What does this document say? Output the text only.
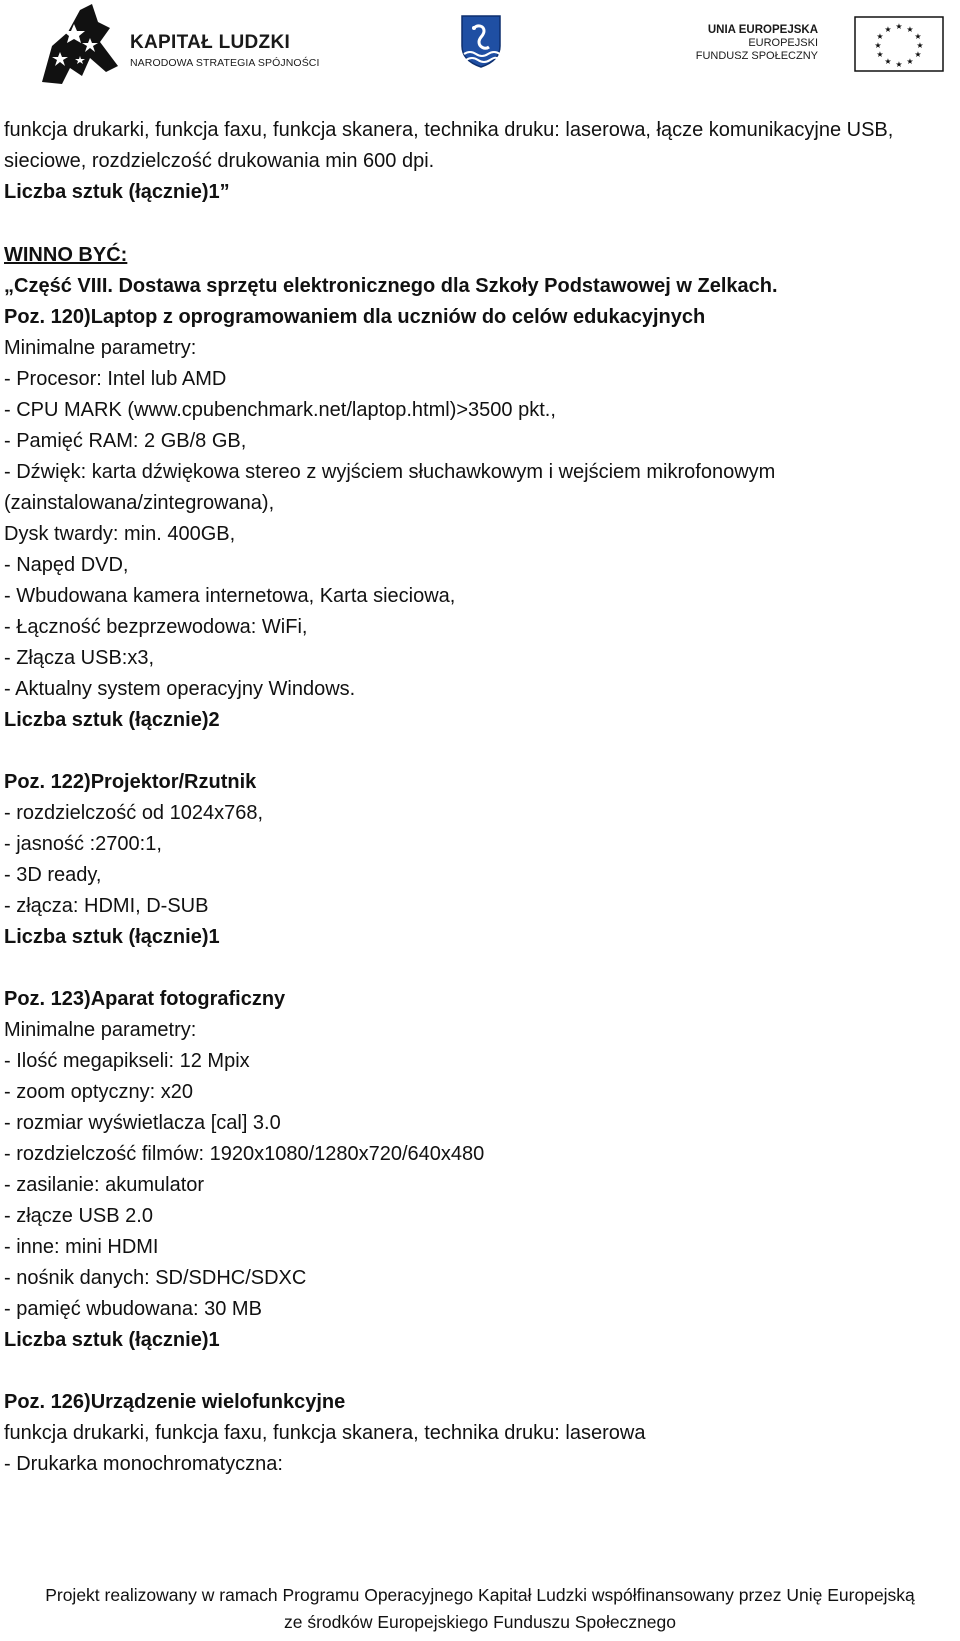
KAPITAŁ LUDZKI
NARODOWA STRATEGIA SPÓJNOŚCI
UNIA EUROPEJSKA
EUROPEJSKI
FUNDUSZ SPOŁECZNY
★ ★
★
★
★
★
★
★
★
★
★
★
funkcja drukarki, funkcja faxu, funkcja skanera, technika druku: laserowa, łącze komunikacyjne USB,
sieciowe, rozdzielczość drukowania min 600 dpi.
Liczba sztuk (łącznie)1”
WINNO BYĆ:
„Część VIII. Dostawa sprzętu elektronicznego dla Szkoły Podstawowej w Zelkach.
Poz. 120)Laptop z oprogramowaniem dla uczniów do celów edukacyjnych
Minimalne parametry:
- Procesor: Intel lub AMD
- CPU MARK (www.cpubenchmark.net/laptop.html)>3500 pkt.,
- Pamięć RAM: 2 GB/8 GB,
- Dźwięk: karta dźwiękowa stereo z wyjściem słuchawkowym i wejściem mikrofonowym
(zainstalowana/zintegrowana),
Dysk twardy: min. 400GB,
- Napęd DVD,
- Wbudowana kamera internetowa, Karta sieciowa,
- Łączność bezprzewodowa: WiFi,
- Złącza USB:x3,
- Aktualny system operacyjny Windows.
Liczba sztuk (łącznie)2
Poz. 122)Projektor/Rzutnik
- rozdzielczość od 1024x768,
- jasność :2700:1,
- 3D ready,
- złącza: HDMI, D-SUB
Liczba sztuk (łącznie)1
Poz. 123)Aparat fotograficzny
Minimalne parametry:
- Ilość megapikseli: 12 Mpix
- zoom optyczny: x20
- rozmiar wyświetlacza [cal] 3.0
- rozdzielczość filmów: 1920x1080/1280x720/640x480
- zasilanie: akumulator
- złącze USB 2.0
- inne: mini HDMI
- nośnik danych: SD/SDHC/SDXC
- pamięć wbudowana: 30 MB
Liczba sztuk (łącznie)1
Poz. 126)Urządzenie wielofunkcyjne
funkcja drukarki, funkcja faxu, funkcja skanera, technika druku: laserowa
- Drukarka monochromatyczna:
Projekt realizowany w ramach Programu Operacyjnego Kapitał Ludzki współfinansowany przez Unię Europejską
ze środków Europejskiego Funduszu Społecznego
